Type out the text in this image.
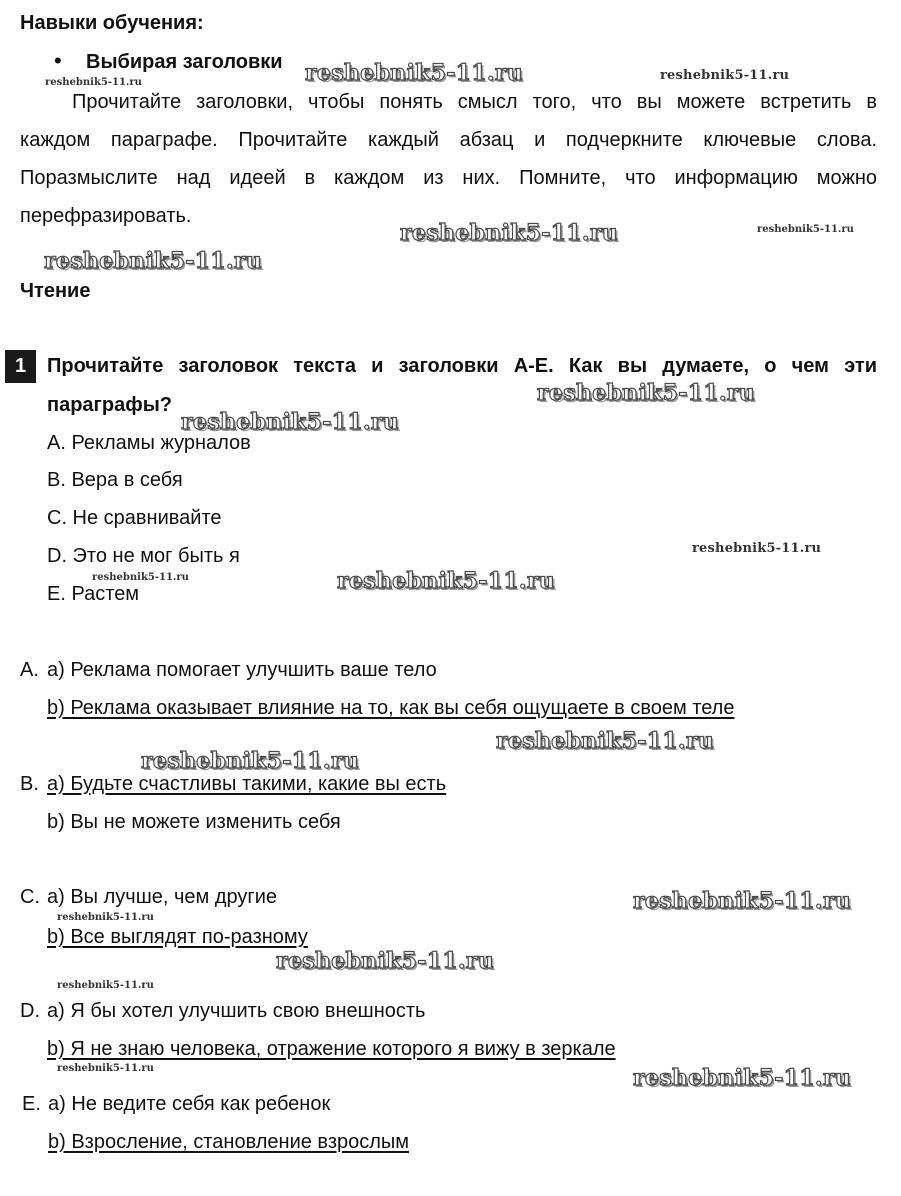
Навыки обучения:
• Выбирая заголовки
Прочитайте заголовки, чтобы понять смысл того, что вы можете встретить в
каждом параграфе. Прочитайте каждый абзац и подчеркните ключевые слова.
Поразмыслите над идеей в каждом из них. Помните, что информацию можно
перефразировать.
Чтение
1	Прочитайте заголовок текста и заголовки A-E. Как вы думаете, о чем эти
параграфы?
A. Рекламы журналов
B. Вера в себя
C. Не сравнивайте
D. Это не мог быть я
E. Растем
A. a) Реклама помогает улучшить ваше тело
b) Реклама оказывает влияние на то, как вы себя ощущаете в своем теле
B. a) Будьте счастливы такими, какие вы есть
b) Вы не можете изменить себя
C. a) Вы лучше, чем другие
b) Все выглядят по-разному
D. a) Я бы хотел улучшить свою внешность
b) Я не знаю человека, отражение которого я вижу в зеркале
E. a) Не ведите себя как ребенок
b) Взросление, становление взрослым
reshebnik5-11.ru
reshebnik5-11.ru	reshebnik5-11.ru
reshebnik5-11.ru	reshebnik5-11.ru
reshebnik5-11.ru
reshebnik5-11.ru
reshebnik5-11.ru
reshebnik5-11.ru
reshebnik5-11.ru	reshebnik5-11.ru
reshebnik5-11.ru
reshebnik5-11.ru
reshebnik5-11.ru
reshebnik5-11.ru
reshebnik5-11.ru
reshebnik5-11.ru
reshebnik5-11.ru	reshebnik5-11.ru
